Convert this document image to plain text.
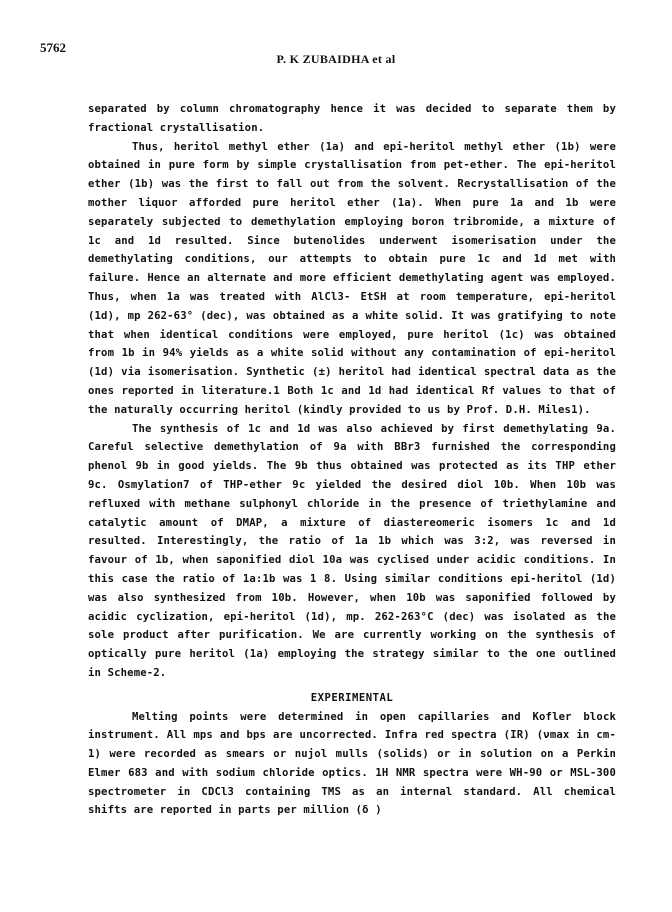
5762
P. K ZUBAIDHA et al

separated by column chromatography hence it was decided to separate them by fractional crystallisation.

Thus, heritol methyl ether (1a) and epi-heritol methyl ether (1b) were obtained in pure form by simple crystallisation from pet-ether. The epi-heritol ether (1b) was the first to fall out from the solvent. Recrystallisation of the mother liquor afforded pure heritol ether (1a). When pure 1a and 1b were separately subjected to demethylation employing boron tribromide, a mixture of 1c and 1d resulted. Since butenolides underwent isomerisation under the demethylating conditions, our attempts to obtain pure 1c and 1d met with failure. Hence an alternate and more efficient demethylating agent was employed. Thus, when 1a was treated with AlCl3- EtSH at room temperature, epi-heritol (1d), mp 262-63° (dec), was obtained as a white solid. It was gratifying to note that when identical conditions were employed, pure heritol (1c) was obtained from 1b in 94% yields as a white solid without any contamination of epi-heritol (1d) via isomerisation. Synthetic (±) heritol had identical spectral data as the ones reported in literature.1 Both 1c and 1d had identical Rf values to that of the naturally occurring heritol (kindly provided to us by Prof. D.H. Miles1).

The synthesis of 1c and 1d was also achieved by first demethylating 9a. Careful selective demethylation of 9a with BBr3 furnished the corresponding phenol 9b in good yields. The 9b thus obtained was protected as its THP ether 9c. Osmylation7 of THP-ether 9c yielded the desired diol 10b. When 10b was refluxed with methane sulphonyl chloride in the presence of triethylamine and catalytic amount of DMAP, a mixture of diastereomeric isomers 1c and 1d resulted. Interestingly, the ratio of 1a 1b which was 3:2, was reversed in favour of 1b, when saponified diol 10a was cyclised under acidic conditions. In this case the ratio of 1a:1b was 1 8. Using similar conditions epi-heritol (1d) was also synthesized from 10b. However, when 10b was saponified followed by acidic cyclization, epi-heritol (1d), mp. 262-263°C (dec) was isolated as the sole product after purification. We are currently working on the synthesis of optically pure heritol (1a) employing the strategy similar to the one outlined in Scheme-2.

EXPERIMENTAL

Melting points were determined in open capillaries and Kofler block instrument. All mps and bps are uncorrected. Infra red spectra (IR) (νmax in cm-1) were recorded as smears or nujol mulls (solids) or in solution on a Perkin Elmer 683 and with sodium chloride optics. 1H NMR spectra were WH-90 or MSL-300 spectrometer in CDCl3 containing TMS as an internal standard. All chemical shifts are reported in parts per million (δ )
